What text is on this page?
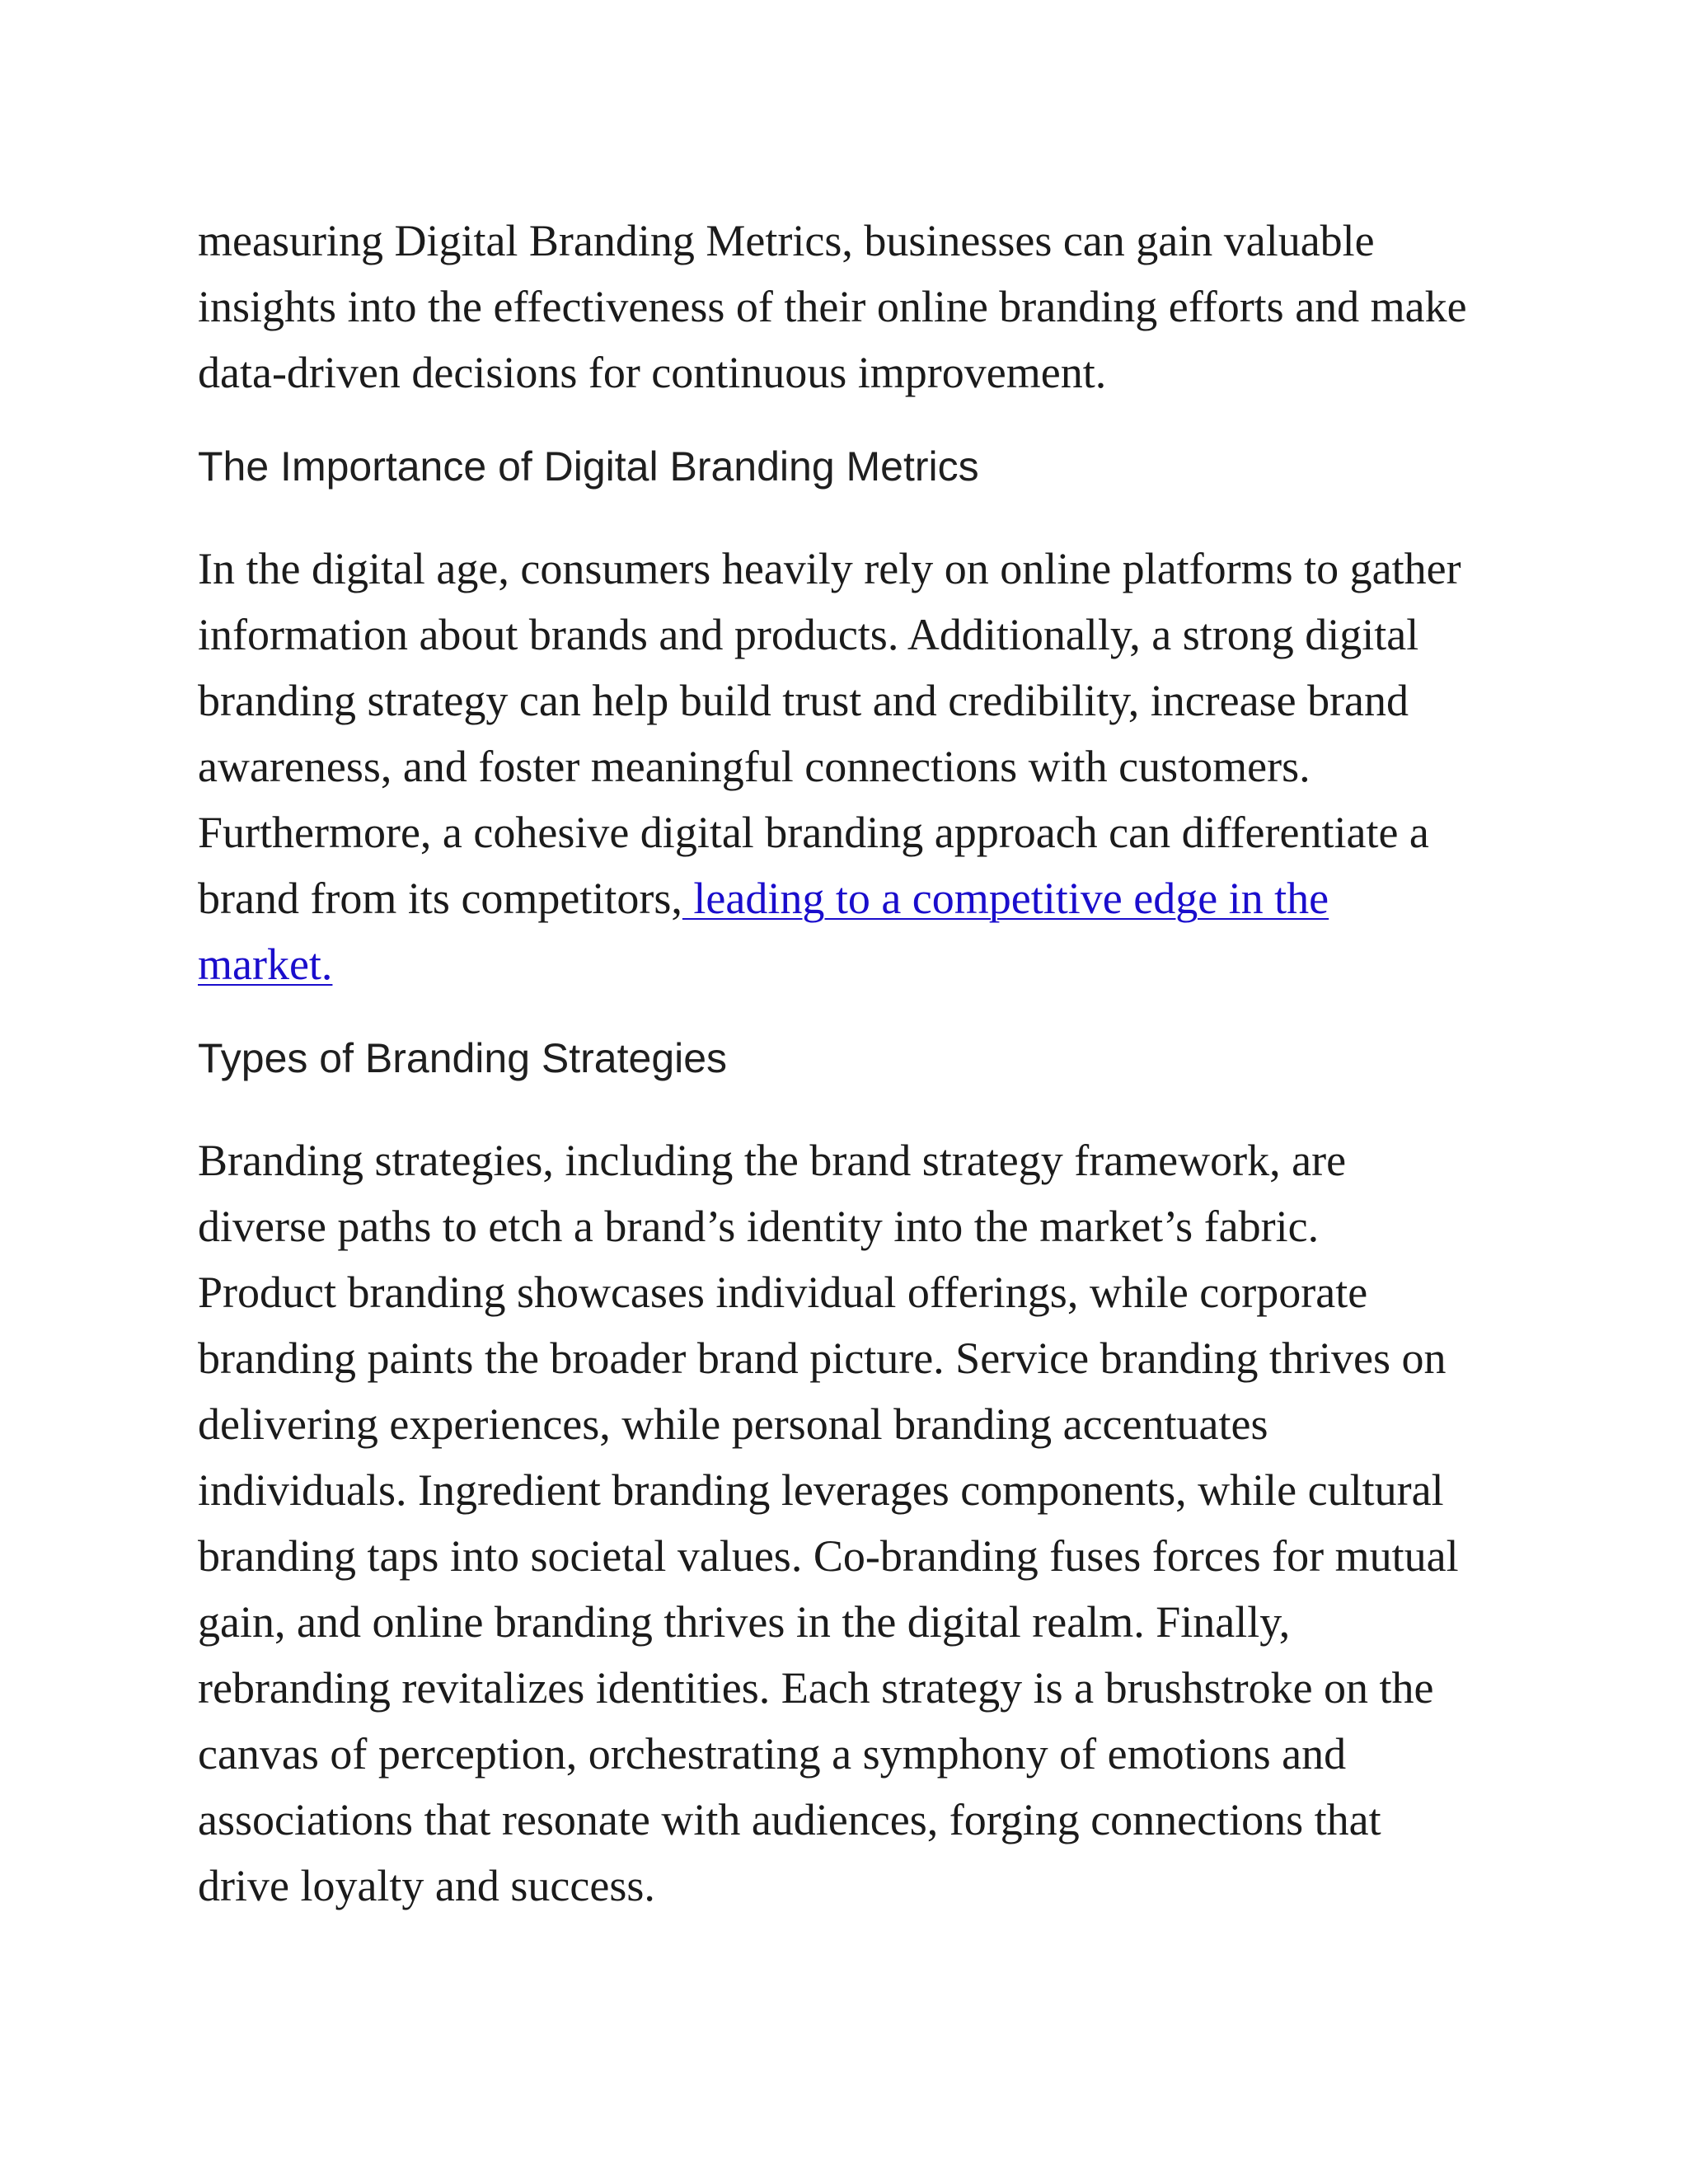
measuring Digital Branding Metrics, businesses can gain valuable
insights into the effectiveness of their online branding efforts and make
data-driven decisions for continuous improvement.
The Importance of Digital Branding Metrics
In the digital age, consumers heavily rely on online platforms to gather
information about brands and products. Additionally, a strong digital
branding strategy can help build trust and credibility, increase brand
awareness, and foster meaningful connections with customers.
Furthermore, a cohesive digital branding approach can differentiate a
brand from its competitors, leading to a competitive edge in the
market.
Types of Branding Strategies
Branding strategies, including the brand strategy framework, are
diverse paths to etch a brand’s identity into the market’s fabric.
Product branding showcases individual offerings, while corporate
branding paints the broader brand picture. Service branding thrives on
delivering experiences, while personal branding accentuates
individuals. Ingredient branding leverages components, while cultural
branding taps into societal values. Co-branding fuses forces for mutual
gain, and online branding thrives in the digital realm. Finally,
rebranding revitalizes identities. Each strategy is a brushstroke on the
canvas of perception, orchestrating a symphony of emotions and
associations that resonate with audiences, forging connections that
drive loyalty and success.
